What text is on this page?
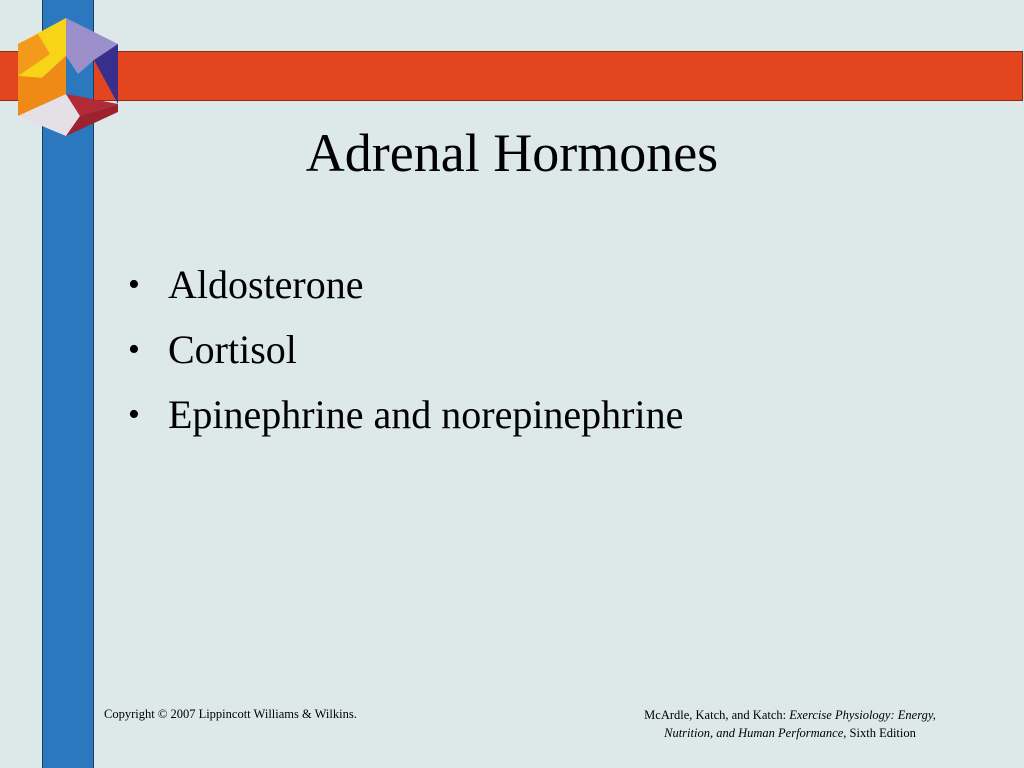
Adrenal Hormones
• Aldosterone
• Cortisol
• Epinephrine and norepinephrine
Copyright © 2007 Lippincott Williams & Wilkins.	McArdle, Katch, and Katch: Exercise Physiology: Energy,
Nutrition, and Human Performance, Sixth Edition
